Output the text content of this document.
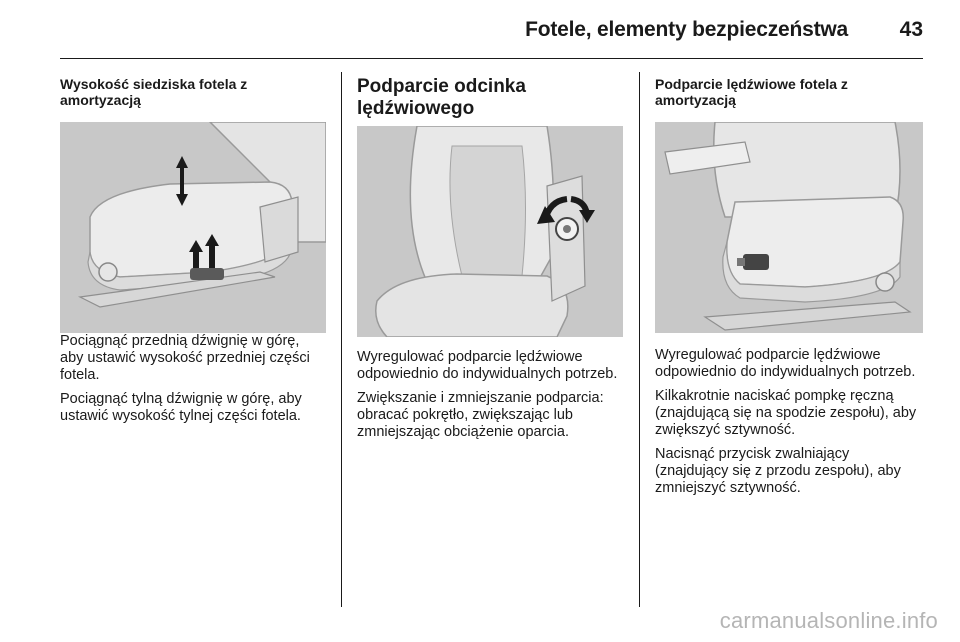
Fotele, elementy bezpieczeństwa 43

Wysokość siedziska fotela z amortyzacją

Pociągnąć przednią dźwignię w górę, aby ustawić wysokość przedniej części fotela.

Pociągnąć tylną dźwignię w górę, aby ustawić wysokość tylnej części fotela.

Podparcie odcinka lędźwiowego

Wyregulować podparcie lędźwiowe odpowiednio do indywidualnych potrzeb.

Zwiększanie i zmniejszanie podparcia: obracać pokrętło, zwiększając lub zmniejszając obciążenie oparcia.

Podparcie lędźwiowe fotela z amortyzacją

Wyregulować podparcie lędźwiowe odpowiednio do indywidualnych potrzeb.

Kilkakrotnie naciskać pompkę ręczną (znajdującą się na spodzie zespołu), aby zwiększyć sztywność.

Nacisnąć przycisk zwalniający (znajdujący się z przodu zespołu), aby zmniejszyć sztywność.

carmanualsonline.info
